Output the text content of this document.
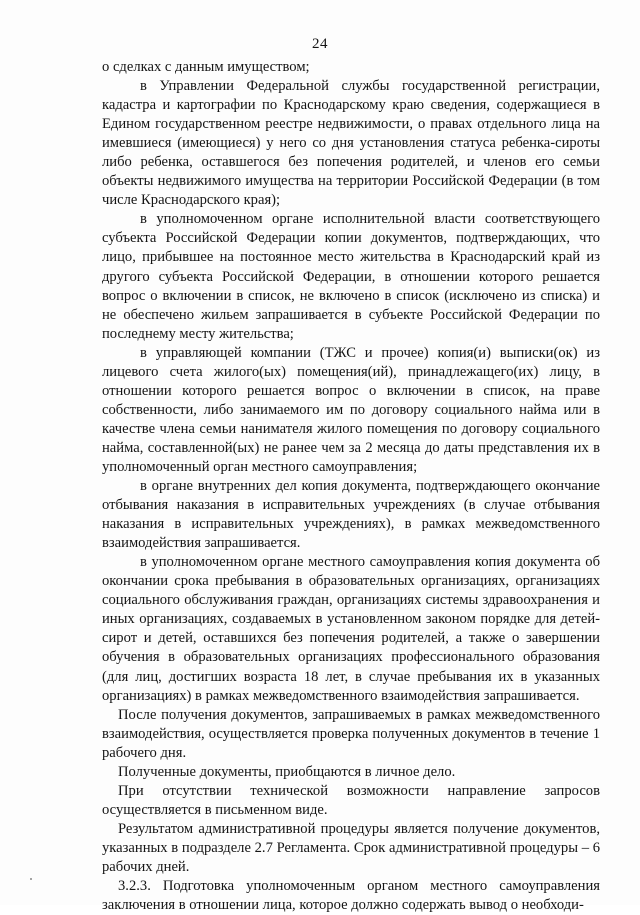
24

о сделках с данным имуществом;

в Управлении Федеральной службы государственной регистрации, кадастра и картографии по Краснодарскому краю сведения, содержащиеся в Едином государственном реестре недвижимости, о правах отдельного лица на имевшиеся (имеющиеся) у него со дня установления статуса ребенка-сироты либо ребенка, оставшегося без попечения родителей, и членов его семьи объекты недвижимого имущества на территории Российской Федерации (в том числе Краснодарского края);

в уполномоченном органе исполнительной власти соответствующего субъекта Российской Федерации копии документов, подтверждающих, что лицо, прибывшее на постоянное место жительства в Краснодарский край из другого субъекта Российской Федерации, в отношении которого решается вопрос о включении в список, не включено в список (исключено из списка) и не обеспечено жильем запрашивается в субъекте Российской Федерации по последнему месту жительства;

в управляющей компании (ТЖС и прочее) копия(и) выписки(ок) из лицевого счета жилого(ых) помещения(ий), принадлежащего(их) лицу, в отношении которого решается вопрос о включении в список, на праве собственности, либо занимаемого им по договору социального найма или в качестве члена семьи нанимателя жилого помещения по договору социального найма, составленной(ых) не ранее чем за 2 месяца до даты представления их в уполномоченный орган местного самоуправления;

в органе внутренних дел копия документа, подтверждающего окончание отбывания наказания в исправительных учреждениях (в случае отбывания наказания в исправительных учреждениях), в рамках межведомственного взаимодействия запрашивается.

в уполномоченном органе местного самоуправления копия документа об окончании срока пребывания в образовательных организациях, организациях социального обслуживания граждан, организациях системы здравоохранения и иных организациях, создаваемых в установленном законом порядке для детей-сирот и детей, оставшихся без попечения родителей, а также о завершении обучения в образовательных организациях профессионального образования (для лиц, достигших возраста 18 лет, в случае пребывания их в указанных организациях) в рамках межведомственного взаимодействия запрашивается.

После получения документов, запрашиваемых в рамках межведомственного взаимодействия, осуществляется проверка полученных документов в течение 1 рабочего дня.

Полученные документы, приобщаются в личное дело.

При отсутствии технической возможности направление запросов осуществляется в письменном виде.

Результатом административной процедуры является получение документов, указанных в подразделе 2.7 Регламента. Срок административной процедуры – 6 рабочих дней.

3.2.3. Подготовка уполномоченным органом местного самоуправления заключения в отношении лица, которое должно содержать вывод о необходи-
